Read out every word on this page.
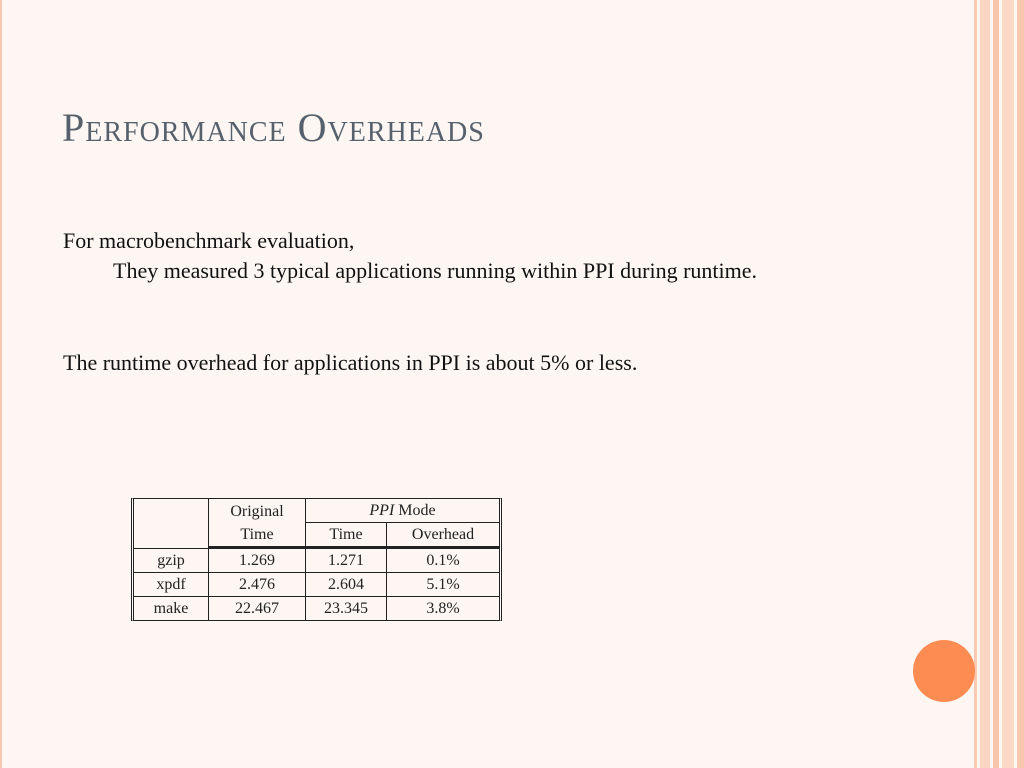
Performance Overheads

For macrobenchmark evaluation,

They measured 3 typical applications running within PPI during runtime.

The runtime overhead for applications in PPI is about 5% or less.

	Original	PPI Mode	
	Time	Time	Overhead
gzip	1.269	1.271	0.1%
xpdf	2.476	2.604	5.1%
make	22.467	23.345	3.8%
